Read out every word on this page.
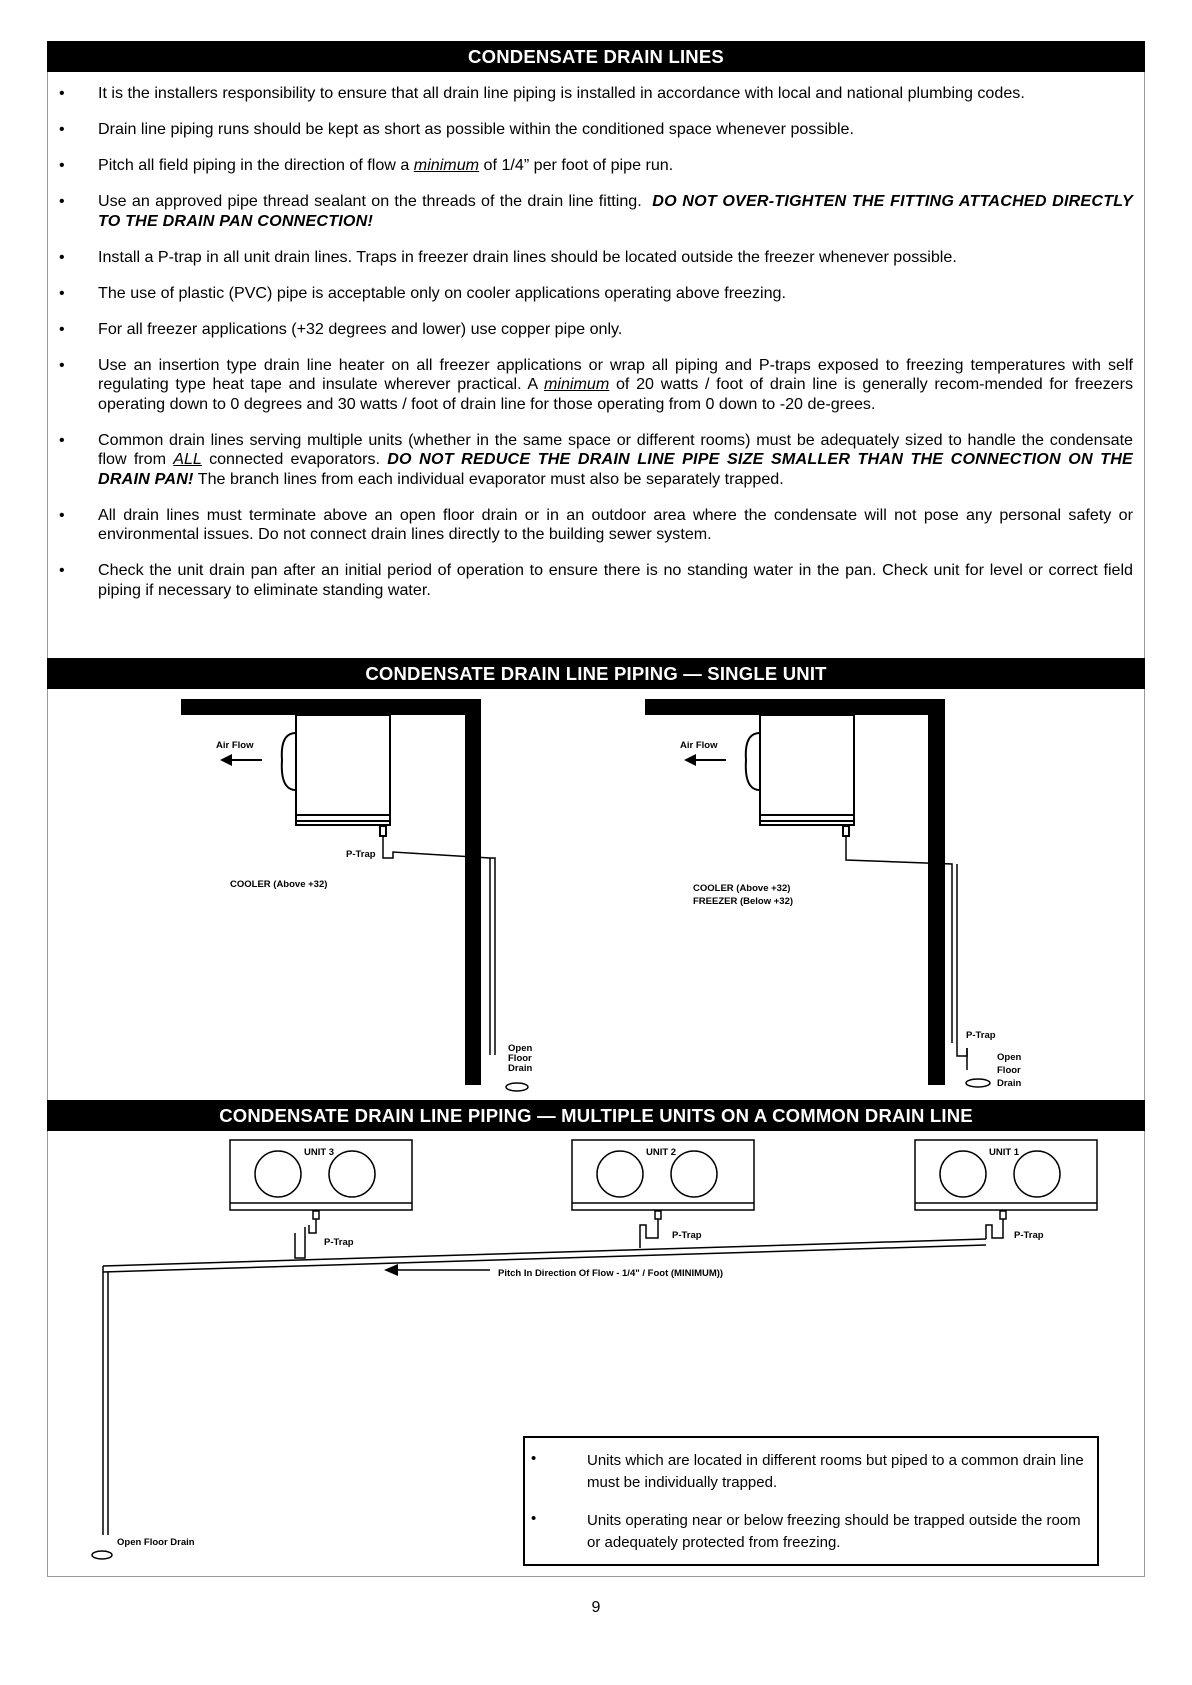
CONDENSATE DRAIN LINES
• It is the installers responsibility to ensure that all drain line piping is installed in accordance with local and national plumbing codes.
• Drain line piping runs should be kept as short as possible within the conditioned space whenever possible.
• Pitch all field piping in the direction of flow a minimum of 1/4” per foot of pipe run.
• Use an approved pipe thread sealant on the threads of the drain line fitting.  DO NOT OVER-TIGHTEN THE FITTING ATTACHED DIRECTLY TO THE DRAIN PAN CONNECTION!
• Install a P-trap in all unit drain lines. Traps in freezer drain lines should be located outside the freezer whenever possible.
• The use of plastic (PVC) pipe is acceptable only on cooler applications operating above freezing.
• For all freezer applications (+32 degrees and lower) use copper pipe only.
• Use an insertion type drain line heater on all freezer applications or wrap all piping and P-traps exposed to freezing temperatures with self regulating type heat tape and insulate wherever practical. A minimum of 20 watts / foot of drain line is generally recom-mended for freezers operating down to 0 degrees and 30 watts / foot of drain line for those operating from 0 down to -20 de-grees.
• Common drain lines serving multiple units (whether in the same space or different rooms) must be adequately sized to handle the condensate flow from ALL connected evaporators. DO NOT REDUCE THE DRAIN LINE PIPE SIZE SMALLER THAN THE CONNECTION ON THE DRAIN PAN! The branch lines from each individual evaporator must also be separately trapped.
• All drain lines must terminate above an open floor drain or in an outdoor area where the condensate will not pose any personal safety or environmental issues. Do not connect drain lines directly to the building sewer system.
• Check the unit drain pan after an initial period of operation to ensure there is no standing water in the pan. Check unit for level or correct field piping if necessary to eliminate standing water.
CONDENSATE DRAIN LINE PIPING — SINGLE UNIT
CONDENSATE DRAIN LINE PIPING — MULTIPLE UNITS ON A COMMON DRAIN LINE
Air Flow
P-Trap
COOLER (Above +32)
Open
Floor
Drain
Air Flow
COOLER (Above +32)
FREEZER (Below +32)
P-Trap
Open
Floor
Drain
UNIT 3
P-Trap
UNIT 2
P-Trap
UNIT 1
P-Trap
Pitch In Direction Of Flow - 1/4" / Foot (MINIMUM))
Open Floor Drain
•	Units which are located in different rooms but piped to a common drain line must be individually trapped.
•	Units operating near or below freezing should be trapped outside the room or adequately protected from freezing.
9
